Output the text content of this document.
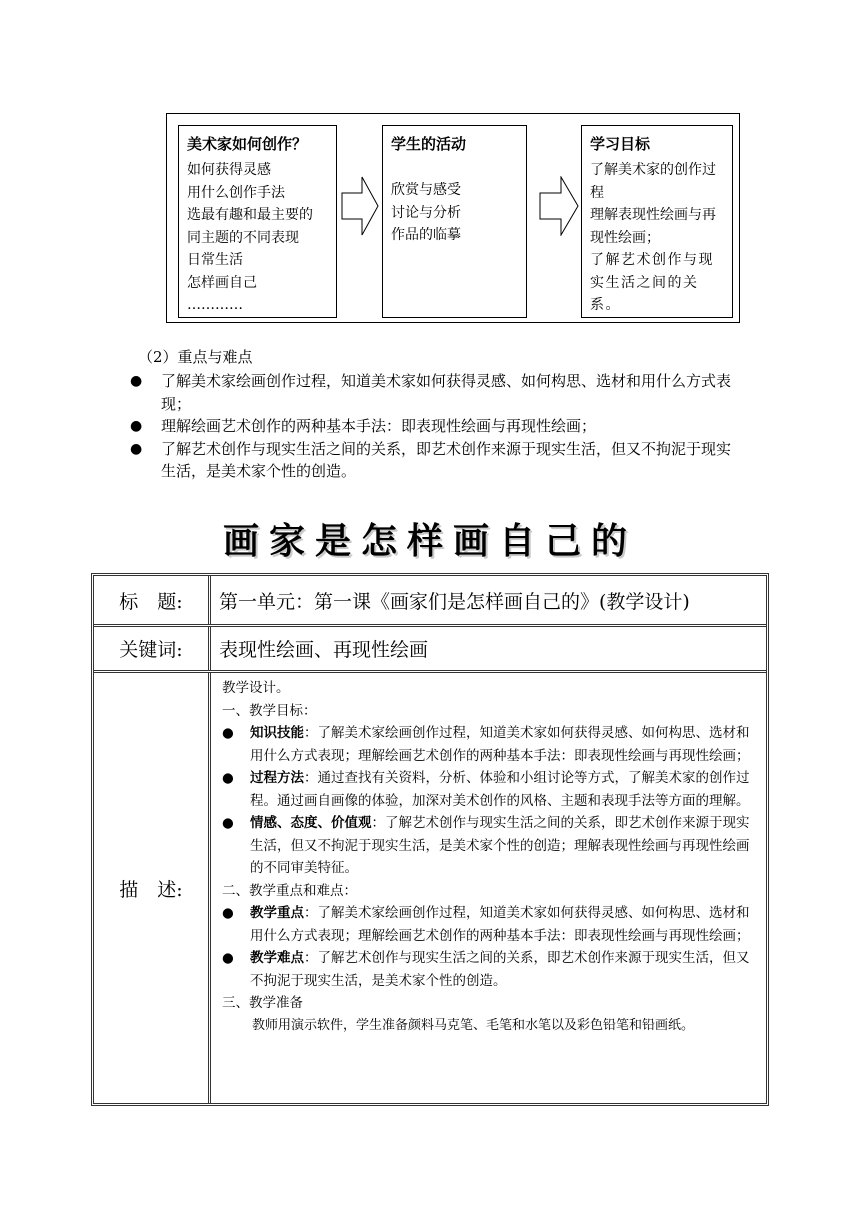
美术家如何创作？
如何获得灵感
用什么创作手法
选最有趣和最主要的
同主题的不同表现
日常生活
怎样画自己
…………
学生的活动
欣赏与感受
讨论与分析
作品的临摹
学习目标
了解美术家的创作过程
理解表现性绘画与再现性绘画；
了解艺术创作与现实生活之间的关系。
（2）重点与难点
● 了解美术家绘画创作过程，知道美术家如何获得灵感、如何构思、选材和用什么方式表现；
● 理解绘画艺术创作的两种基本手法：即表现性绘画与再现性绘画；
● 了解艺术创作与现实生活之间的关系，即艺术创作来源于现实生活，但又不拘泥于现实生活，是美术家个性的创造。
画家是怎样画自己的
标　题:	第一单元：第一课《画家们是怎样画自己的》(教学设计)
关键词:	表现性绘画、再现性绘画
描　述:
教学设计。
一、教学目标：
● 知识技能：了解美术家绘画创作过程，知道美术家如何获得灵感、如何构思、选材和用什么方式表现；理解绘画艺术创作的两种基本手法：即表现性绘画与再现性绘画；
● 过程方法：通过查找有关资料，分析、体验和小组讨论等方式，了解美术家的创作过程。通过画自画像的体验，加深对美术创作的风格、主题和表现手法等方面的理解。
● 情感、态度、价值观：了解艺术创作与现实生活之间的关系，即艺术创作来源于现实生活，但又不拘泥于现实生活，是美术家个性的创造；理解表现性绘画与再现性绘画的不同审美特征。
二、教学重点和难点：
● 教学重点：了解美术家绘画创作过程，知道美术家如何获得灵感、如何构思、选材和用什么方式表现；理解绘画艺术创作的两种基本手法：即表现性绘画与再现性绘画；
● 教学难点：了解艺术创作与现实生活之间的关系，即艺术创作来源于现实生活，但又不拘泥于现实生活，是美术家个性的创造。
三、教学准备
教师用演示软件，学生准备颜料马克笔、毛笔和水笔以及彩色铅笔和铅画纸。
